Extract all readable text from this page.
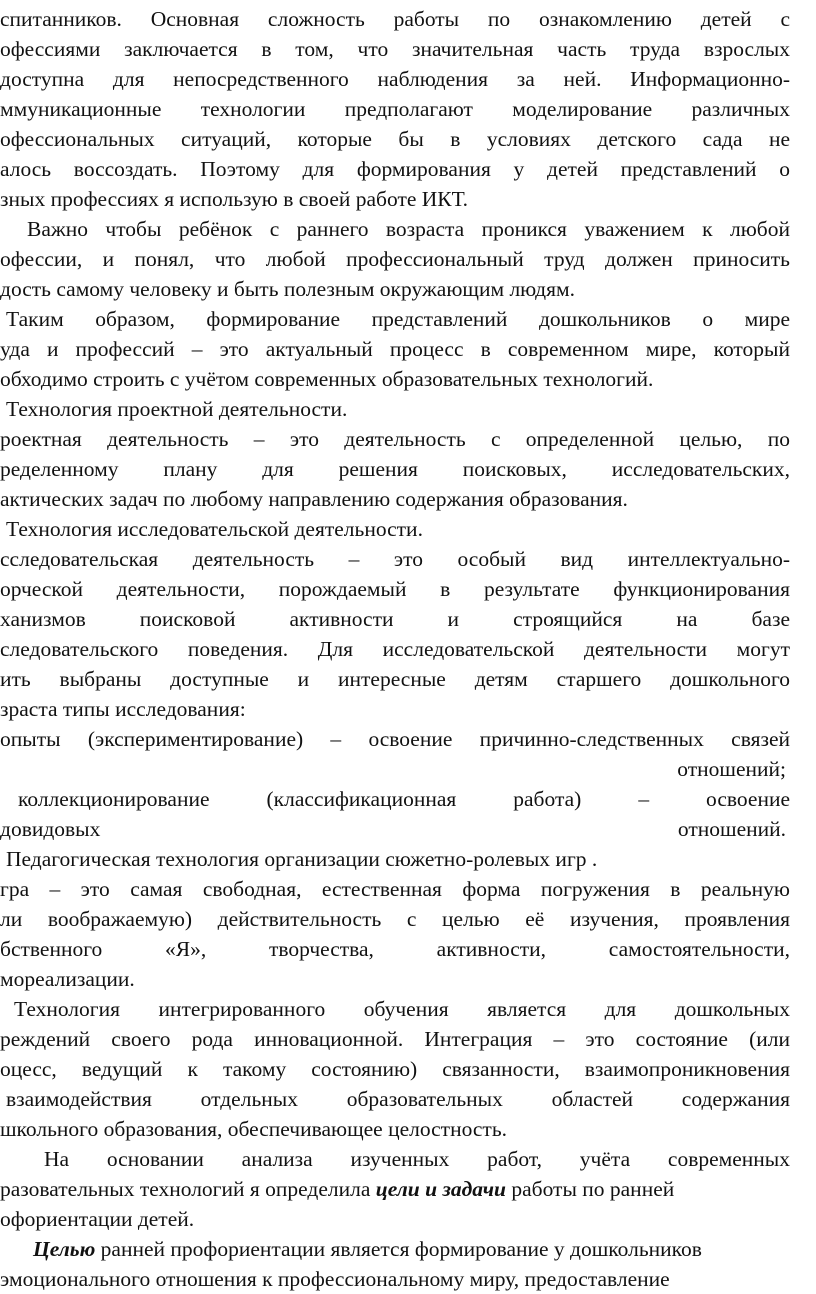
спитанников. Основная сложность работы по ознакомлению детей с
офессиями заключается в том, что значительная часть труда взрослых
доступна для непосредственного наблюдения за ней. Информационно-
ммуникационные технологии предполагают моделирование различных
офессиональных ситуаций, которые бы в условиях детского сада не
алось воссоздать. Поэтому для формирования у детей представлений о
зных профессиях я использую в своей работе ИКТ.
Важно чтобы ребёнок с раннего возраста проникся уважением к любой
офессии, и понял, что любой профессиональный труд должен приносить
дость самому человеку и быть полезным окружающим людям.
Таким образом, формирование представлений дошкольников о мире
уда и профессий – это актуальный процесс в современном мире, который
обходимо строить с учётом современных образовательных технологий.
Технология проектной деятельности.
роектная деятельность – это деятельность с определенной целью, по
ределенному плану для решения поисковых, исследовательских,
актических задач по любому направлению содержания образования.
Технология исследовательской деятельности.
сследовательская деятельность – это особый вид интеллектуально-
орческой деятельности, порождаемый в результате функционирования
ханизмов поисковой активности и строящийся на базе
следовательского поведения. Для исследовательской деятельности могут
ить выбраны доступные и интересные детям старшего дошкольного
зраста типы исследования:
опыты (экспериментирование) – освоение причинно-следственных связей
отношений;
коллекционирование (классификационная работа) – освоение
довидовых	отношений.
Педагогическая технология организации сюжетно-ролевых игр .
гра – это самая свободная, естественная форма погружения в реальную
ли воображаемую) действительность с целью её изучения, проявления
бственного «Я», творчества, активности, самостоятельности,
мореализации.
Технология интегрированного обучения является для дошкольных
реждений своего рода инновационной. Интеграция – это состояние (или
оцесс, ведущий к такому состоянию) связанности, взаимопроникновения
взаимодействия отдельных образовательных областей содержания
школьного образования, обеспечивающее целостность.
На основании анализа изученных работ, учёта современных
разовательных технологий я определила цели и задачи работы по ранней
офориентации детей.
Целью ранней профориентации является формирование у дошкольников
эмоционального отношения к профессиональному миру, предоставление
